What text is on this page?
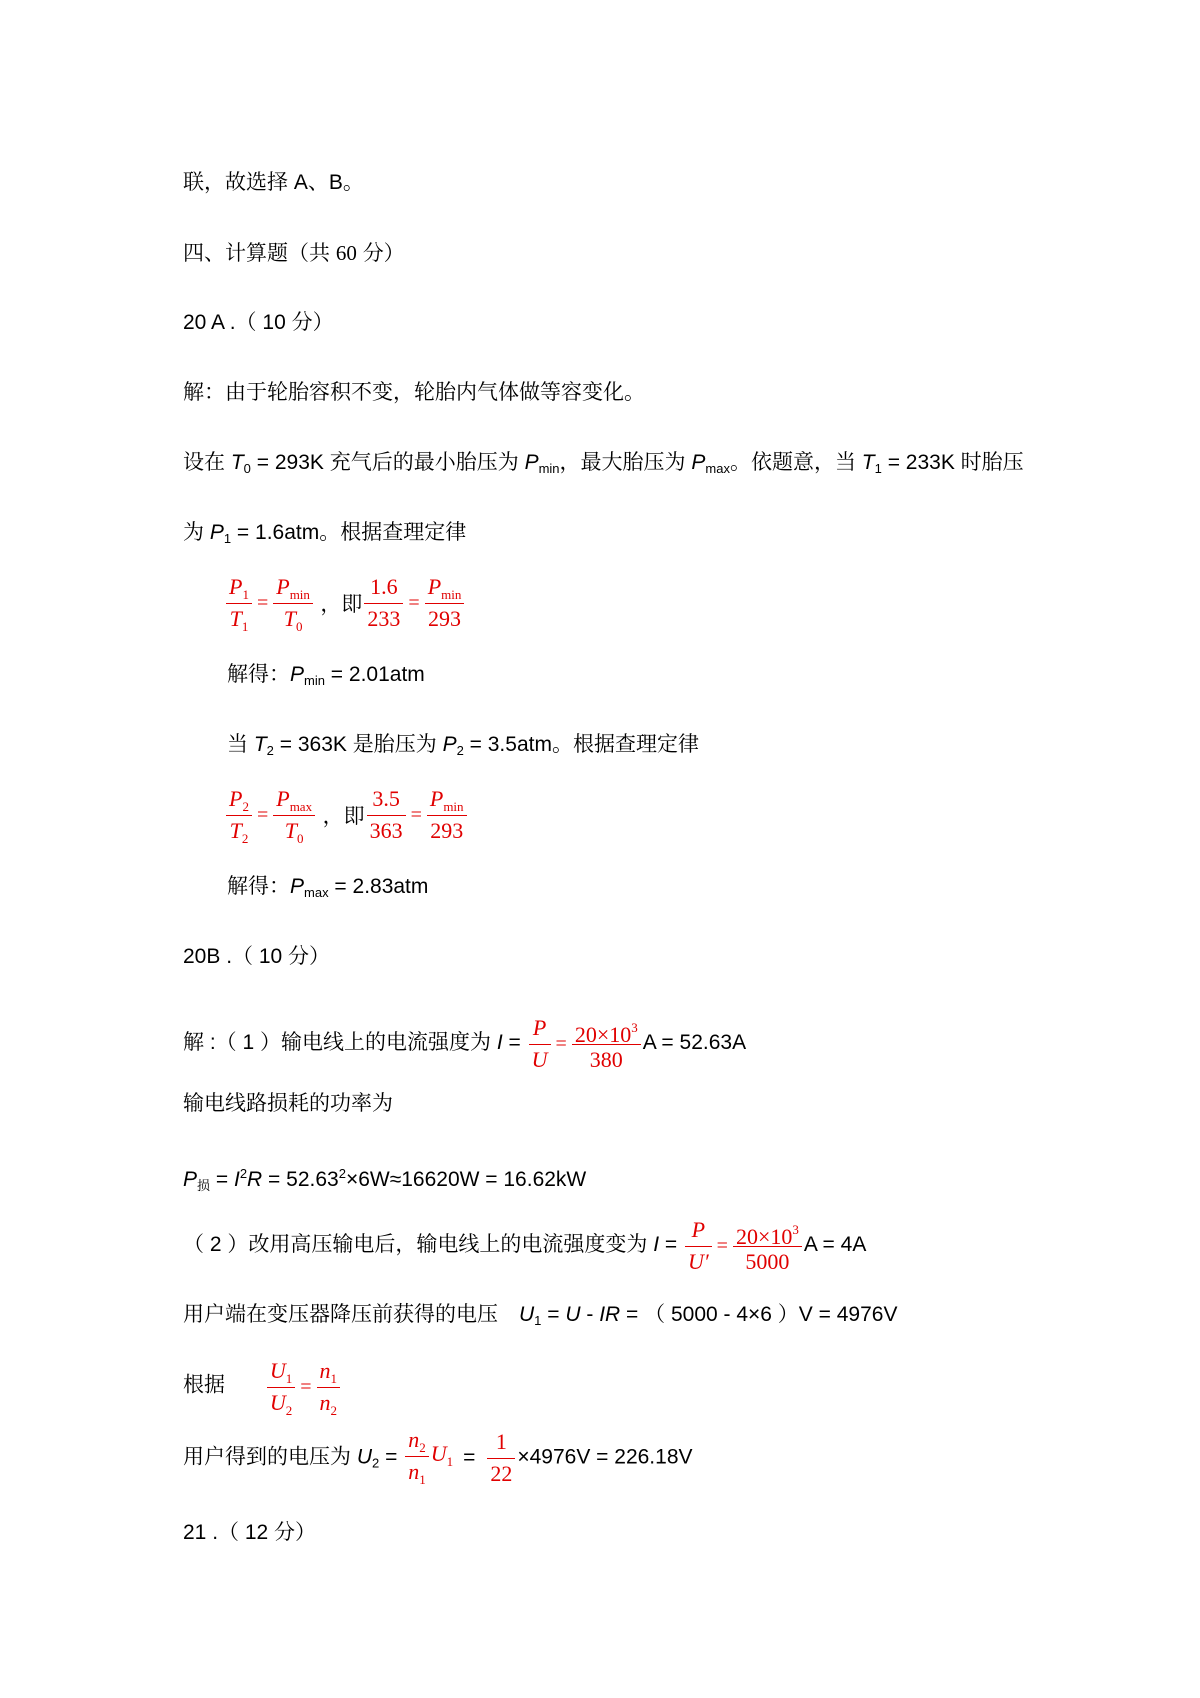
联，故选择 A、B。
四、计算题（共 60 分）
20 A .（ 10 分）
解：由于轮胎容积不变，轮胎内气体做等容变化。
设在 $T_0 = 293K$ 充气后的最小胎压为 $P_{min}$，最大胎压为 $P_{max}$。依题意，当 $T_1 = 233K$ 时胎压
为 $P_1 = 1.6atm$。根据查理定律
$\frac{P_1}{T_1} = \frac{P_{min}}{T_0}$ ，即 $\frac{1.6}{233} = \frac{P_{min}}{293}$
解得：$P_{min} = 2.01atm$
当 $T_2 = 363K$ 是胎压为 $P_2 = 3.5atm$。根据查理定律
$\frac{P_2}{T_2} = \frac{P_{max}}{T_0}$ ，即 $\frac{3.5}{363} = \frac{P_{min}}{293}$
解得：$P_{max} = 2.83atm$
20B .（ 10 分）
解 :（ 1 ）输电线上的电流强度为 $I = \frac{P}{U} = \frac{20\times 10^3}{380}$ A = 52.63A
输电线路损耗的功率为
$P_损 = I^2R = 52.63^2\times 6W\approx 16620W = 16.62kW$
（ 2 ）改用高压输电后，输电线上的电流强度变为 $I = \frac{P}{U'} = \frac{20\times 10^3}{5000}$ A = 4A
用户端在变压器降压前获得的电压　$U_1 = U$ - IR = （ 5000 - 4×6 ）V = 4976V
根据 $\frac{U_1}{U_2} = \frac{n_1}{n_2}$
用户得到的电压为 $U_2 = \frac{n_2}{n_1} U_1 = \frac{1}{22} \times 4976V = 226.18V$
21 .（ 12 分）
